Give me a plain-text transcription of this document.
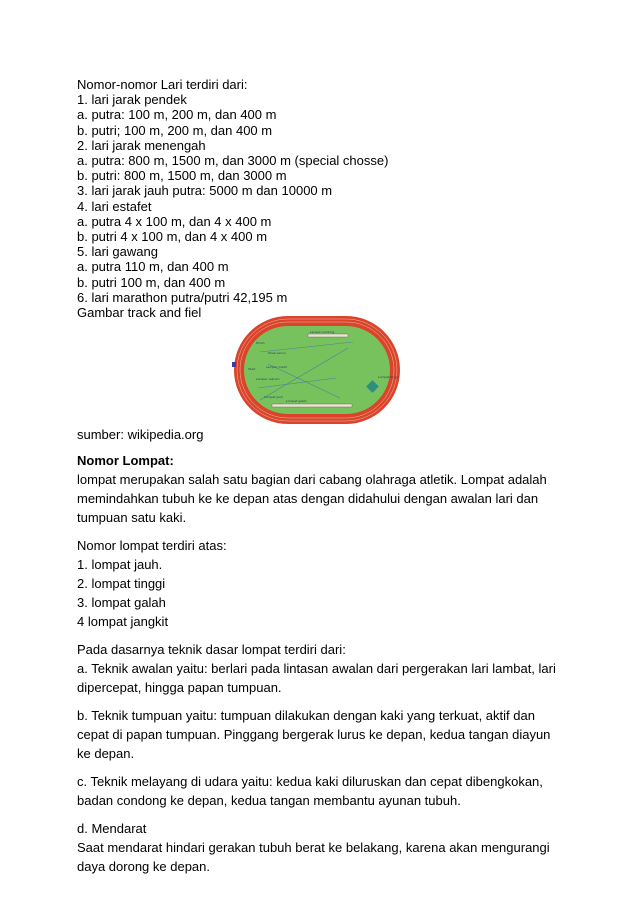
Nomor-nomor Lari terdiri dari:
1. lari jarak pendek
a. putra: 100 m, 200 m, dan 400 m
b. putri; 100 m, 200 m, dan 400 m
2. lari jarak menengah
a. putra: 800 m, 1500 m, dan 3000 m (special chosse)
b. putri: 800 m, 1500 m, dan 3000 m
3. lari jarak jauh putra: 5000 m dan 10000 m
4. lari estafet
a. putra 4 x 100 m, dan 4 x 400 m
b. putri 4 x 100 m, dan 4 x 400 m
5. lari gawang
a. putra 110 m, dan 400 m
b. putri 100 m, dan 400 m
6. lari marathon putra/putri 42,195 m
Gambar track and fiel
Lompat tinggi
Lompat galah
Lempar lembing
Lompat jauh
Tolak peluru
Lempar cakram
Lempar martil
Finish
Start
sumber: wikipedia.org
Nomor Lompat:
lompat merupakan salah satu bagian dari cabang olahraga atletik. Lompat adalah
memindahkan tubuh ke ke depan atas dengan didahului dengan awalan lari dan
tumpuan satu kaki.
Nomor lompat terdiri atas:
1. lompat jauh.
2. lompat tinggi
3. lompat galah
4 lompat jangkit
Pada dasarnya teknik dasar lompat terdiri dari:
a. Teknik awalan yaitu: berlari pada lintasan awalan dari pergerakan lari lambat, lari
dipercepat, hingga papan tumpuan.
b. Teknik tumpuan yaitu: tumpuan dilakukan dengan kaki yang terkuat, aktif dan
cepat di papan tumpuan. Pinggang bergerak lurus ke depan, kedua tangan diayun
ke depan.
c. Teknik melayang di udara yaitu: kedua kaki diluruskan dan cepat dibengkokan,
badan condong ke depan, kedua tangan membantu ayunan tubuh.
d. Mendarat
Saat mendarat hindari gerakan tubuh berat ke belakang, karena akan mengurangi
daya dorong ke depan.
